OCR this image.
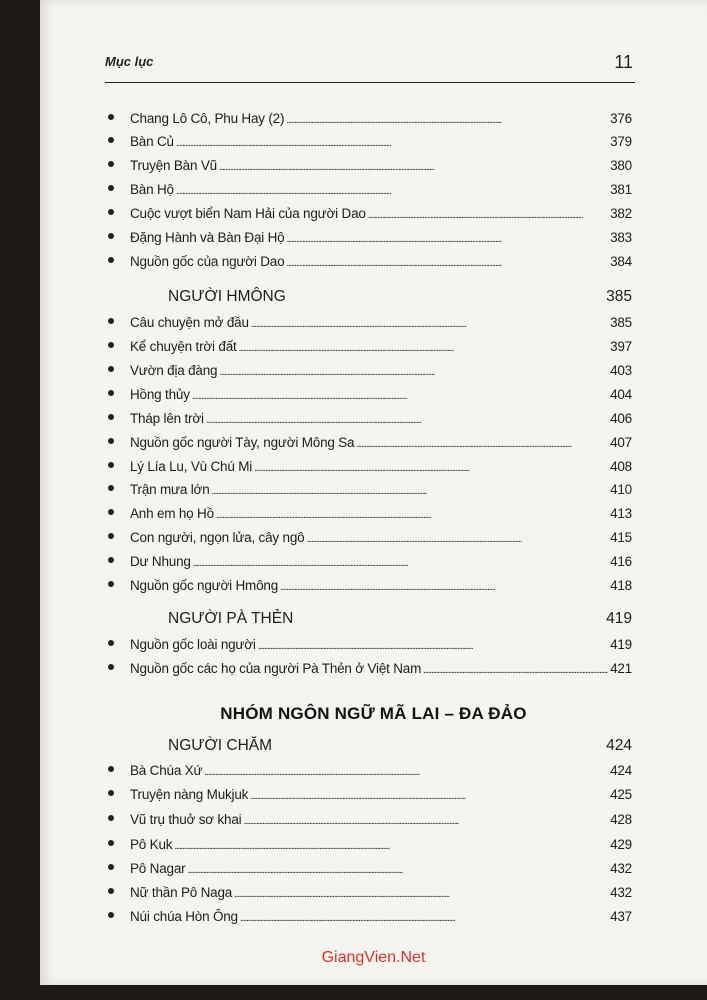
Mục lục	11
Chang Lô Cô, Phu Hay (2) . . .	376
Bàn Củ . . .	379
Truyện Bàn Vũ . . .	380
Bàn Hộ . . .	381
Cuộc vượt biển Nam Hải của người Dao . . .	382
Đặng Hành và Bàn Đại Hộ . . .	383
Nguồn gốc của người Dao . . .	384
NGƯỜI HMÔNG	385
Câu chuyện mở đầu . . .	385
Kể chuyện trời đất . . .	397
Vườn địa đàng . . .	403
Hồng thủy . . .	404
Tháp lên trời . . .	406
Nguồn gốc người Tày, người Mông Sa . . .	407
Lý Lía Lu, Vù Chú Mi . . .	408
Trận mưa lớn . . .	410
Anh em họ Hồ . . .	413
Con người, ngọn lửa, cây ngô . . .	415
Dư Nhung . . .	416
Nguồn gốc người Hmông . . .	418
NGƯỜI PÀ THẺN	419
Nguồn gốc loài người . . .	419
Nguồn gốc các họ của người Pà Thẻn ở Việt Nam . . .	421
NHÓM NGÔN NGỮ MÃ LAI – ĐA ĐẢO
NGƯỜI CHĂM	424
Bà Chúa Xứ . . .	424
Truyện nàng Mukjuk . . .	425
Vũ trụ thuở sơ khai . . .	428
Pô Kuk . . .	429
Pô Nagar . . .	432
Nữ thần Pô Naga . . .	432
Núi chúa Hòn Ông . . .	437
GiangVien.Net
